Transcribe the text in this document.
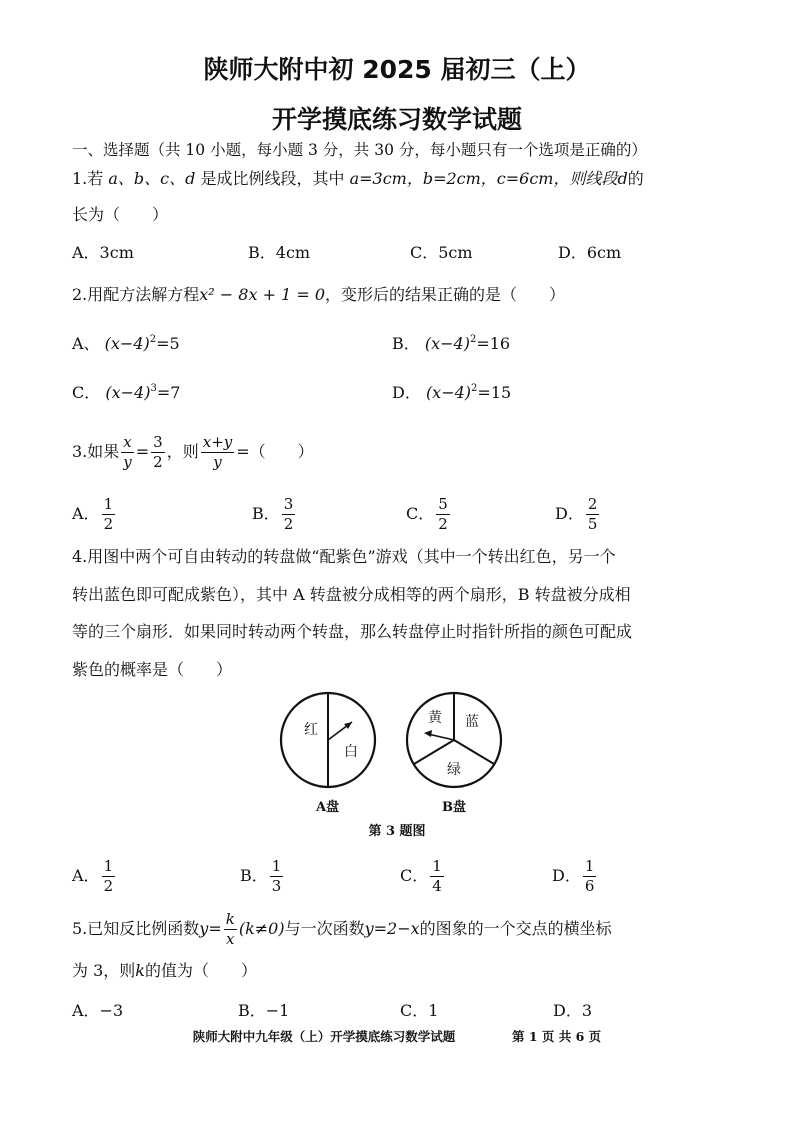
陕师大附中初 2025 届初三（上）
开学摸底练习数学试题
一、选择题（共 10 小题，每小题 3 分，共 30 分，每小题只有一个选项是正确的）
1.若 a、b、c、d 是成比例线段，其中 a=3cm，b=2cm，c=6cm，则线段d的
长为（　　）
A．3cm	B．4cm	C．5cm	D．6cm
2.用配方法解方程x² − 8x + 1 = 0，变形后的结果正确的是（　　）
A、 $(x-4)^2=5$	B． $(x-4)^2=16$
C． $(x-4)^3=7$	D． $(x-4)^2=15$
3.如果 $\frac{x}{y} = \frac{3}{2}$ ，则 $\frac{x+y}{y}$ =（　　）
A． $\frac{1}{2}$	B． $\frac{3}{2}$	C． $\frac{5}{2}$	D． $\frac{2}{5}$
4.用图中两个可自由转动的转盘做“配紫色”游戏（其中一个转出红色，另一个
转出蓝色即可配成紫色），其中 A 转盘被分成相等的两个扇形，B 转盘被分成相
等的三个扇形．如果同时转动两个转盘，那么转盘停止时指针所指的颜色可配成
紫色的概率是（　　）
红
白
A盘
黄 蓝
绿
B盘
第 3 题图
A． $\frac{1}{2}$	B． $\frac{1}{3}$	C． $\frac{1}{4}$	D． $\frac{1}{6}$
5.已知反比例函数$y= \frac{k}{x} (k\ne 0)$与一次函数y=2−x的图象的一个交点的横坐标
为 3，则k的值为（　　）
A．−3	B．−1	C．1	D．3
陕师大附中九年级（上）开学摸底练习数学试题	第 1 页 共 6 页
